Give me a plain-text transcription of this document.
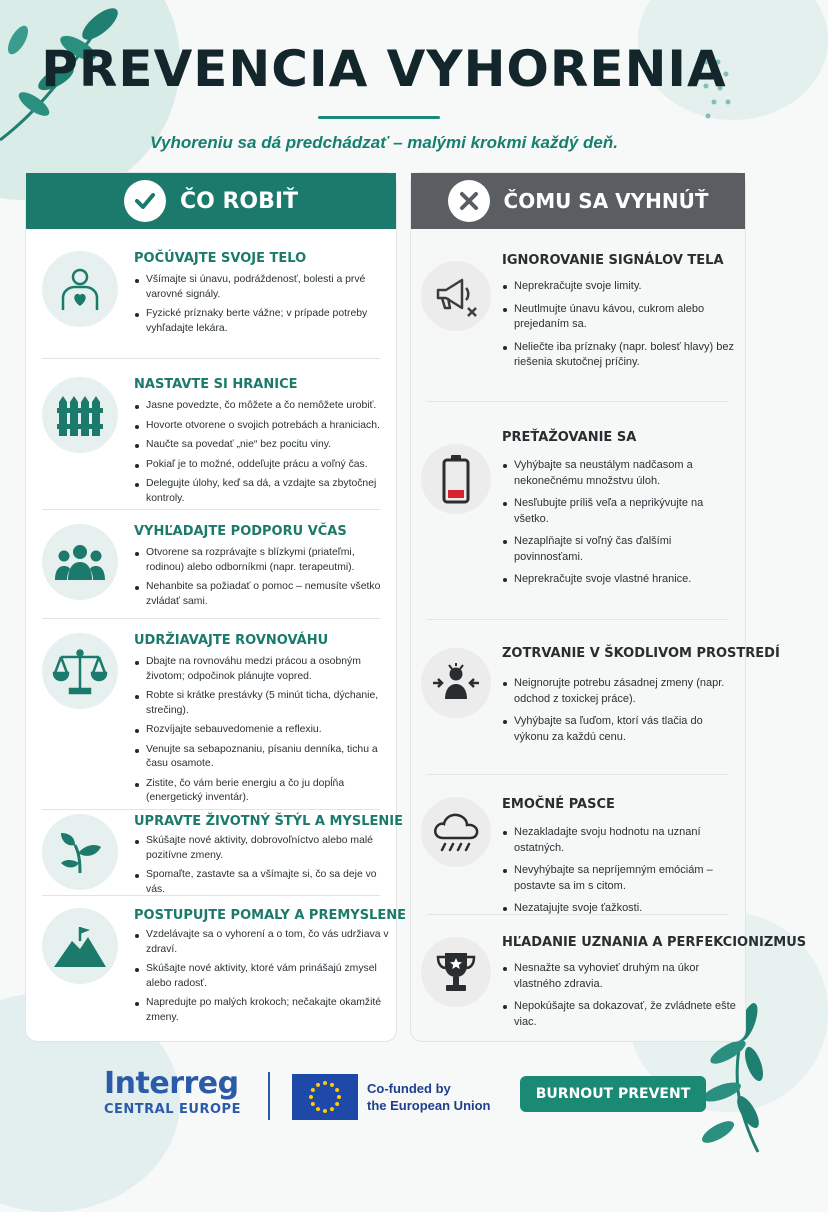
PREVENCIA VYHORENIA
Vyhoreniu sa dá predchádzať – malými krokmi každý deň.
ČO ROBIŤ
POČÚVAJTE SVOJE TELO
Všímajte si únavu, podráždenosť, bolesti a prvé varovné signály.
Fyzické príznaky berte vážne; v prípade potreby vyhľadajte lekára.
NASTAVTE SI HRANICE
Jasne povedzte, čo môžete a čo nemôžete urobiť.
Hovorte otvorene o svojich potrebách a hraniciach.
Naučte sa povedať „nie“ bez pocitu viny.
Pokiaľ je to možné, oddeľujte prácu a voľný čas.
Delegujte úlohy, keď sa dá, a vzdajte sa zbytočnej kontroly.
VYHĽADAJTE PODPORU VČAS
Otvorene sa rozprávajte s blízkymi (priateľmi, rodinou) alebo odborníkmi (napr. terapeutmi).
Nehanbite sa požiadať o pomoc – nemusíte všetko zvládať sami.
UDRŽIAVAJTE ROVNOVÁHU
Dbajte na rovnováhu medzi prácou a osobným životom; odpočinok plánujte vopred.
Robte si krátke prestávky (5 minút ticha, dýchanie, strečing).
Rozvíjajte sebauvedomenie a reflexiu.
Venujte sa sebapoznaniu, písaniu denníka, tichu a času osamote.
Zistite, čo vám berie energiu a čo ju dopĺňa (energetický inventár).
UPRAVTE ŽIVOTNÝ ŠTÝL A MYSLENIE
Skúšajte nové aktivity, dobrovoľníctvo alebo malé pozitívne zmeny.
Spomaľte, zastavte sa a všímajte si, čo sa deje vo vás.
POSTUPUJTE POMALY A PREMYSLENE
Vzdelávajte sa o vyhorení a o tom, čo vás udržiava v zdraví.
Skúšajte nové aktivity, ktoré vám prinášajú zmysel alebo radosť.
Napredujte po malých krokoch; nečakajte okamžité zmeny.
ČOMU SA VYHNÚŤ
IGNOROVANIE SIGNÁLOV TELA
Neprekračujte svoje limity.
Neutlmujte únavu kávou, cukrom alebo prejedaním sa.
Neliečte iba príznaky (napr. bolesť hlavy) bez riešenia skutočnej príčiny.
PREŤAŽOVANIE SA
Vyhýbajte sa neustálym nadčasom a nekonečnému množstvu úloh.
Nesľubujte príliš veľa a neprikývujte na všetko.
Nezaplňajte si voľný čas ďalšími povinnosťami.
Neprekračujte svoje vlastné hranice.
ZOTRVANIE V ŠKODLIVOM PROSTREDÍ
Neignorujte potrebu zásadnej zmeny (napr. odchod z toxickej práce).
Vyhýbajte sa ľuďom, ktorí vás tlačia do výkonu za každú cenu.
EMOČNÉ PASCE
Nezakladajte svoju hodnotu na uznaní ostatných.
Nevyhýbajte sa nepríjemným emóciám – postavte sa im s citom.
Nezatajujte svoje ťažkosti.
HĽADANIE UZNANIA A PERFEKCIONIZMUS
Nesnažte sa vyhovieť druhým na úkor vlastného zdravia.
Nepokúšajte sa dokazovať, že zvládnete ešte viac.
Interreg
CENTRAL EUROPE
Co-funded by
the European Union
BURNOUT PREVENT
